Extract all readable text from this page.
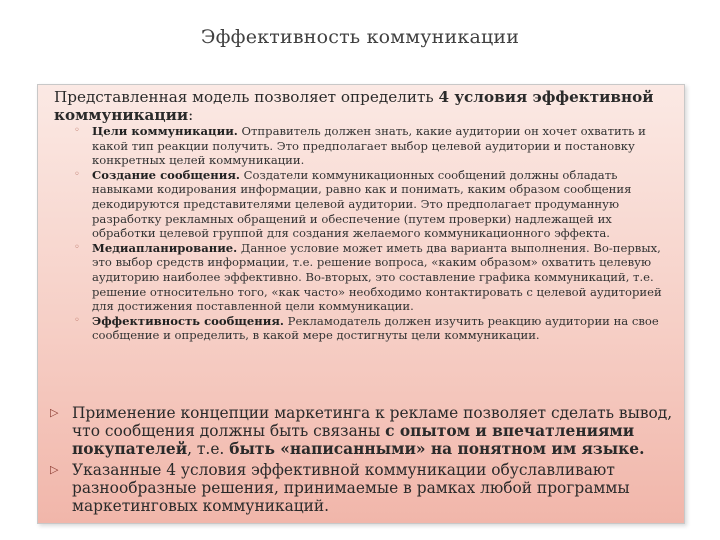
Эффективность коммуникации
Представленная модель позволяет определить 4 условия эффективной коммуникации:
◦ Цели коммуникации. Отправитель должен знать, какие аудитории он хочет охватить и какой тип реакции получить. Это предполагает выбор целевой аудитории и постановку конкретных целей коммуникации.
◦ Создание сообщения. Создатели коммуникационных сообщений должны обладать навыками кодирования информации, равно как и понимать, каким образом сообщения декодируются представителями целевой аудитории. Это предполагает продуманную разработку рекламных обращений и обеспечение (путем проверки) надлежащей их обработки целевой группой для создания желаемого коммуникационного эффекта.
◦ Медиапланирование. Данное условие может иметь два варианта выполнения. Во-первых, это выбор средств информации, т.е. решение вопроса, «каким образом» охватить целевую аудиторию наиболее эффективно. Во-вторых, это составление графика коммуникаций, т.е. решение относительно того, «как часто» необходимо контактировать с целевой аудиторией для достижения поставленной цели коммуникации.
◦ Эффективность сообщения. Рекламодатель должен изучить реакцию аудитории на свое сообщение и определить, в какой мере достигнуты цели коммуникации.
▷ Применение концепции маркетинга к рекламе позволяет сделать вывод, что сообщения должны быть связаны с опытом и впечатлениями покупателей, т.е. быть «написанными» на понятном им языке.
▷ Указанные 4 условия эффективной коммуникации обуславливают разнообразные решения, принимаемые в рамках любой программы маркетинговых коммуникаций.
